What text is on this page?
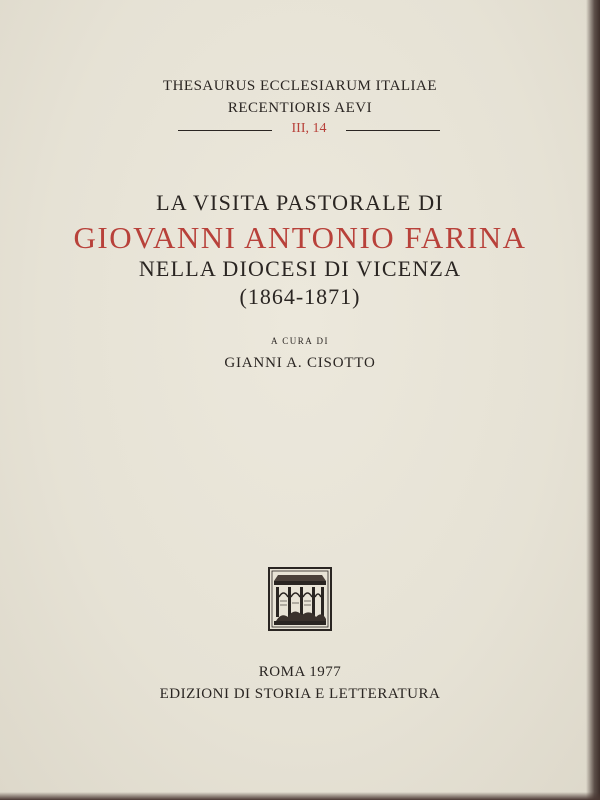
THESAURUS ECCLESIARUM ITALIAE
RECENTIORIS AEVI
III, 14
LA VISITA PASTORALE DI
GIOVANNI ANTONIO FARINA
NELLA DIOCESI DI VICENZA
(1864-1871)
A CURA DI
GIANNI A. CISOTTO
ROMA 1977
EDIZIONI DI STORIA E LETTERATURA
